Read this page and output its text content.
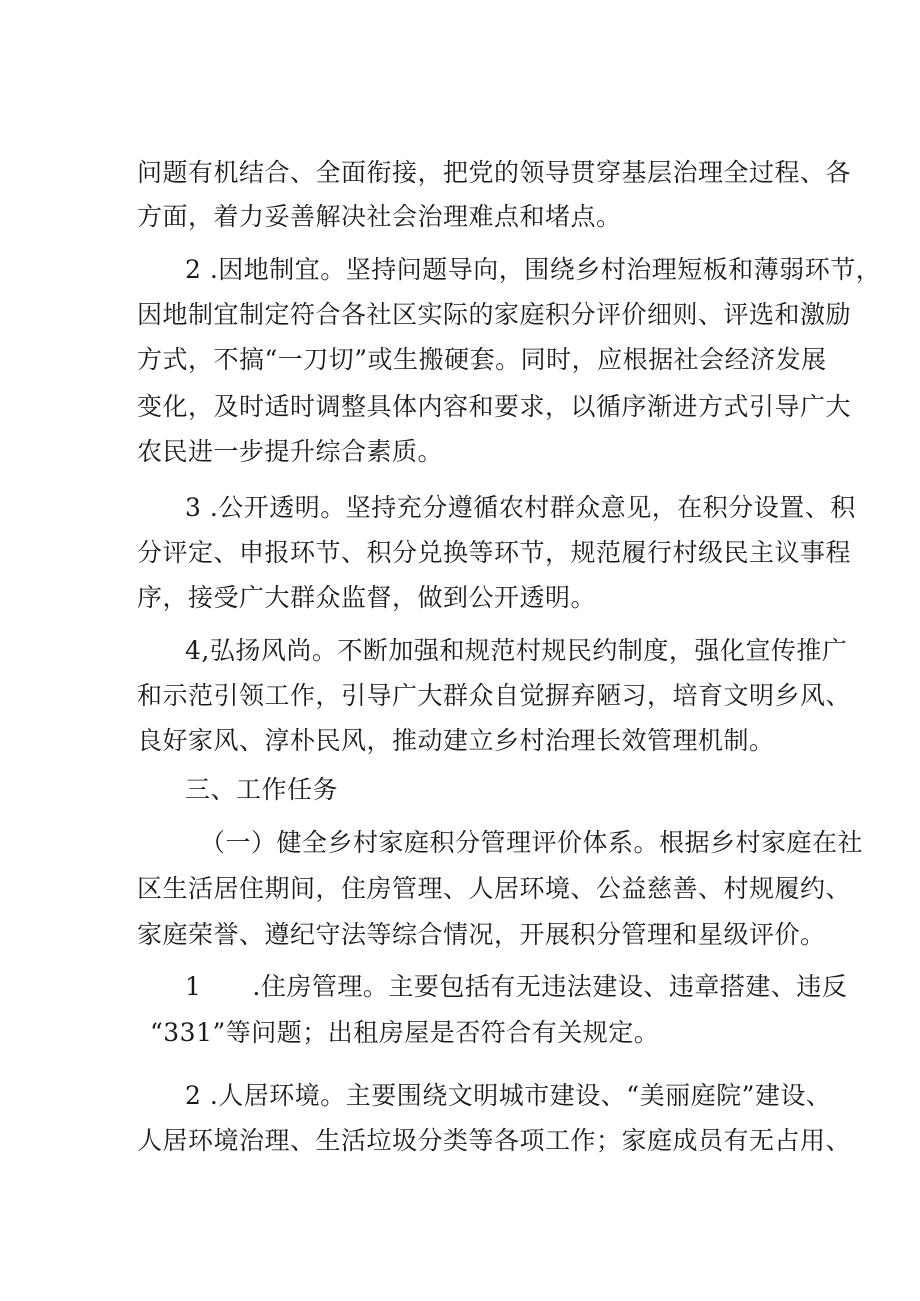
问题有机结合、全面衔接，把党的领导贯穿基层治理全过程、各
方面，着力妥善解决社会治理难点和堵点。
2 .因地制宜。坚持问题导向，围绕乡村治理短板和薄弱环节，
因地制宜制定符合各社区实际的家庭积分评价细则、评选和激励
方式，不搞“一刀切”或生搬硬套。同时，应根据社会经济发展
变化，及时适时调整具体内容和要求，以循序渐进方式引导广大
农民进一步提升综合素质。
3 .公开透明。坚持充分遵循农村群众意见，在积分设置、积
分评定、申报环节、积分兑换等环节，规范履行村级民主议事程
序，接受广大群众监督，做到公开透明。
4,弘扬风尚。不断加强和规范村规民约制度，强化宣传推广
和示范引领工作，引导广大群众自觉摒弃陋习，培育文明乡风、
良好家风、淳朴民风，推动建立乡村治理长效管理机制。
三、工作任务
（一）健全乡村家庭积分管理评价体系。根据乡村家庭在社
区生活居住期间，住房管理、人居环境、公益慈善、村规履约、
家庭荣誉、遵纪守法等综合情况，开展积分管理和星级评价。
1　　.住房管理。主要包括有无违法建设、违章搭建、违反
“331”等问题；出租房屋是否符合有关规定。
2 .人居环境。主要围绕文明城市建设、“美丽庭院”建设、
人居环境治理、生活垃圾分类等各项工作；家庭成员有无占用、
